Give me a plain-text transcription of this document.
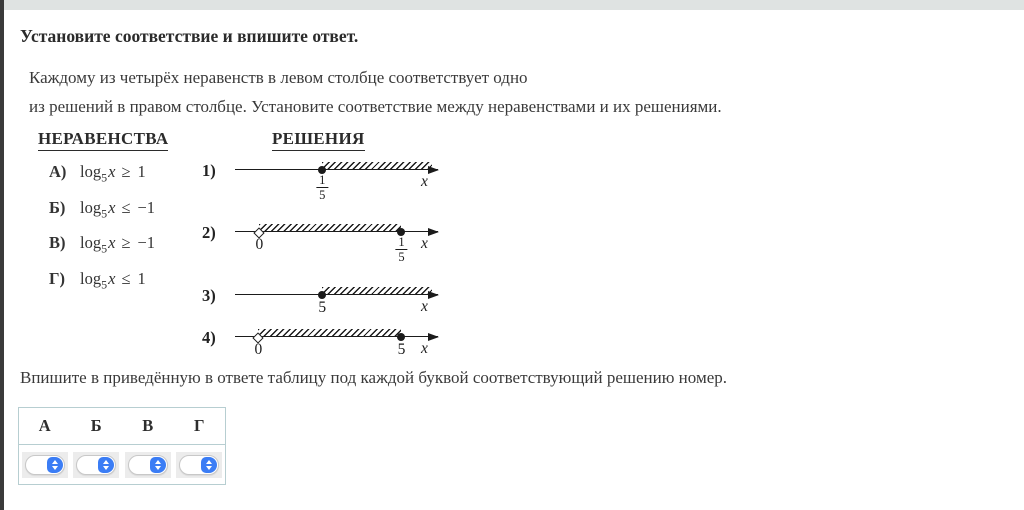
Установите соответствие и впишите ответ.
Каждому из четырёх неравенств в левом столбце соответствует одно
из решений в правом столбце. Установите соответствие между неравенствами и их решениями.
НЕРАВЕНСТВА	РЕШЕНИЯ
А) $\log_5x \ge 1$
Б) $\log_5x \le -1$
В) $\log_5x \ge -1$
Г) $\log_5x \le 1$
1)
x
$\frac{1}{5}$
2)
x
0	$\frac{1}{5}$
3)
x
5
4)
x
0	5
Впишите в приведённую в ответе таблицу под каждой буквой соответствующий решению номер.
А	Б	В	Г
